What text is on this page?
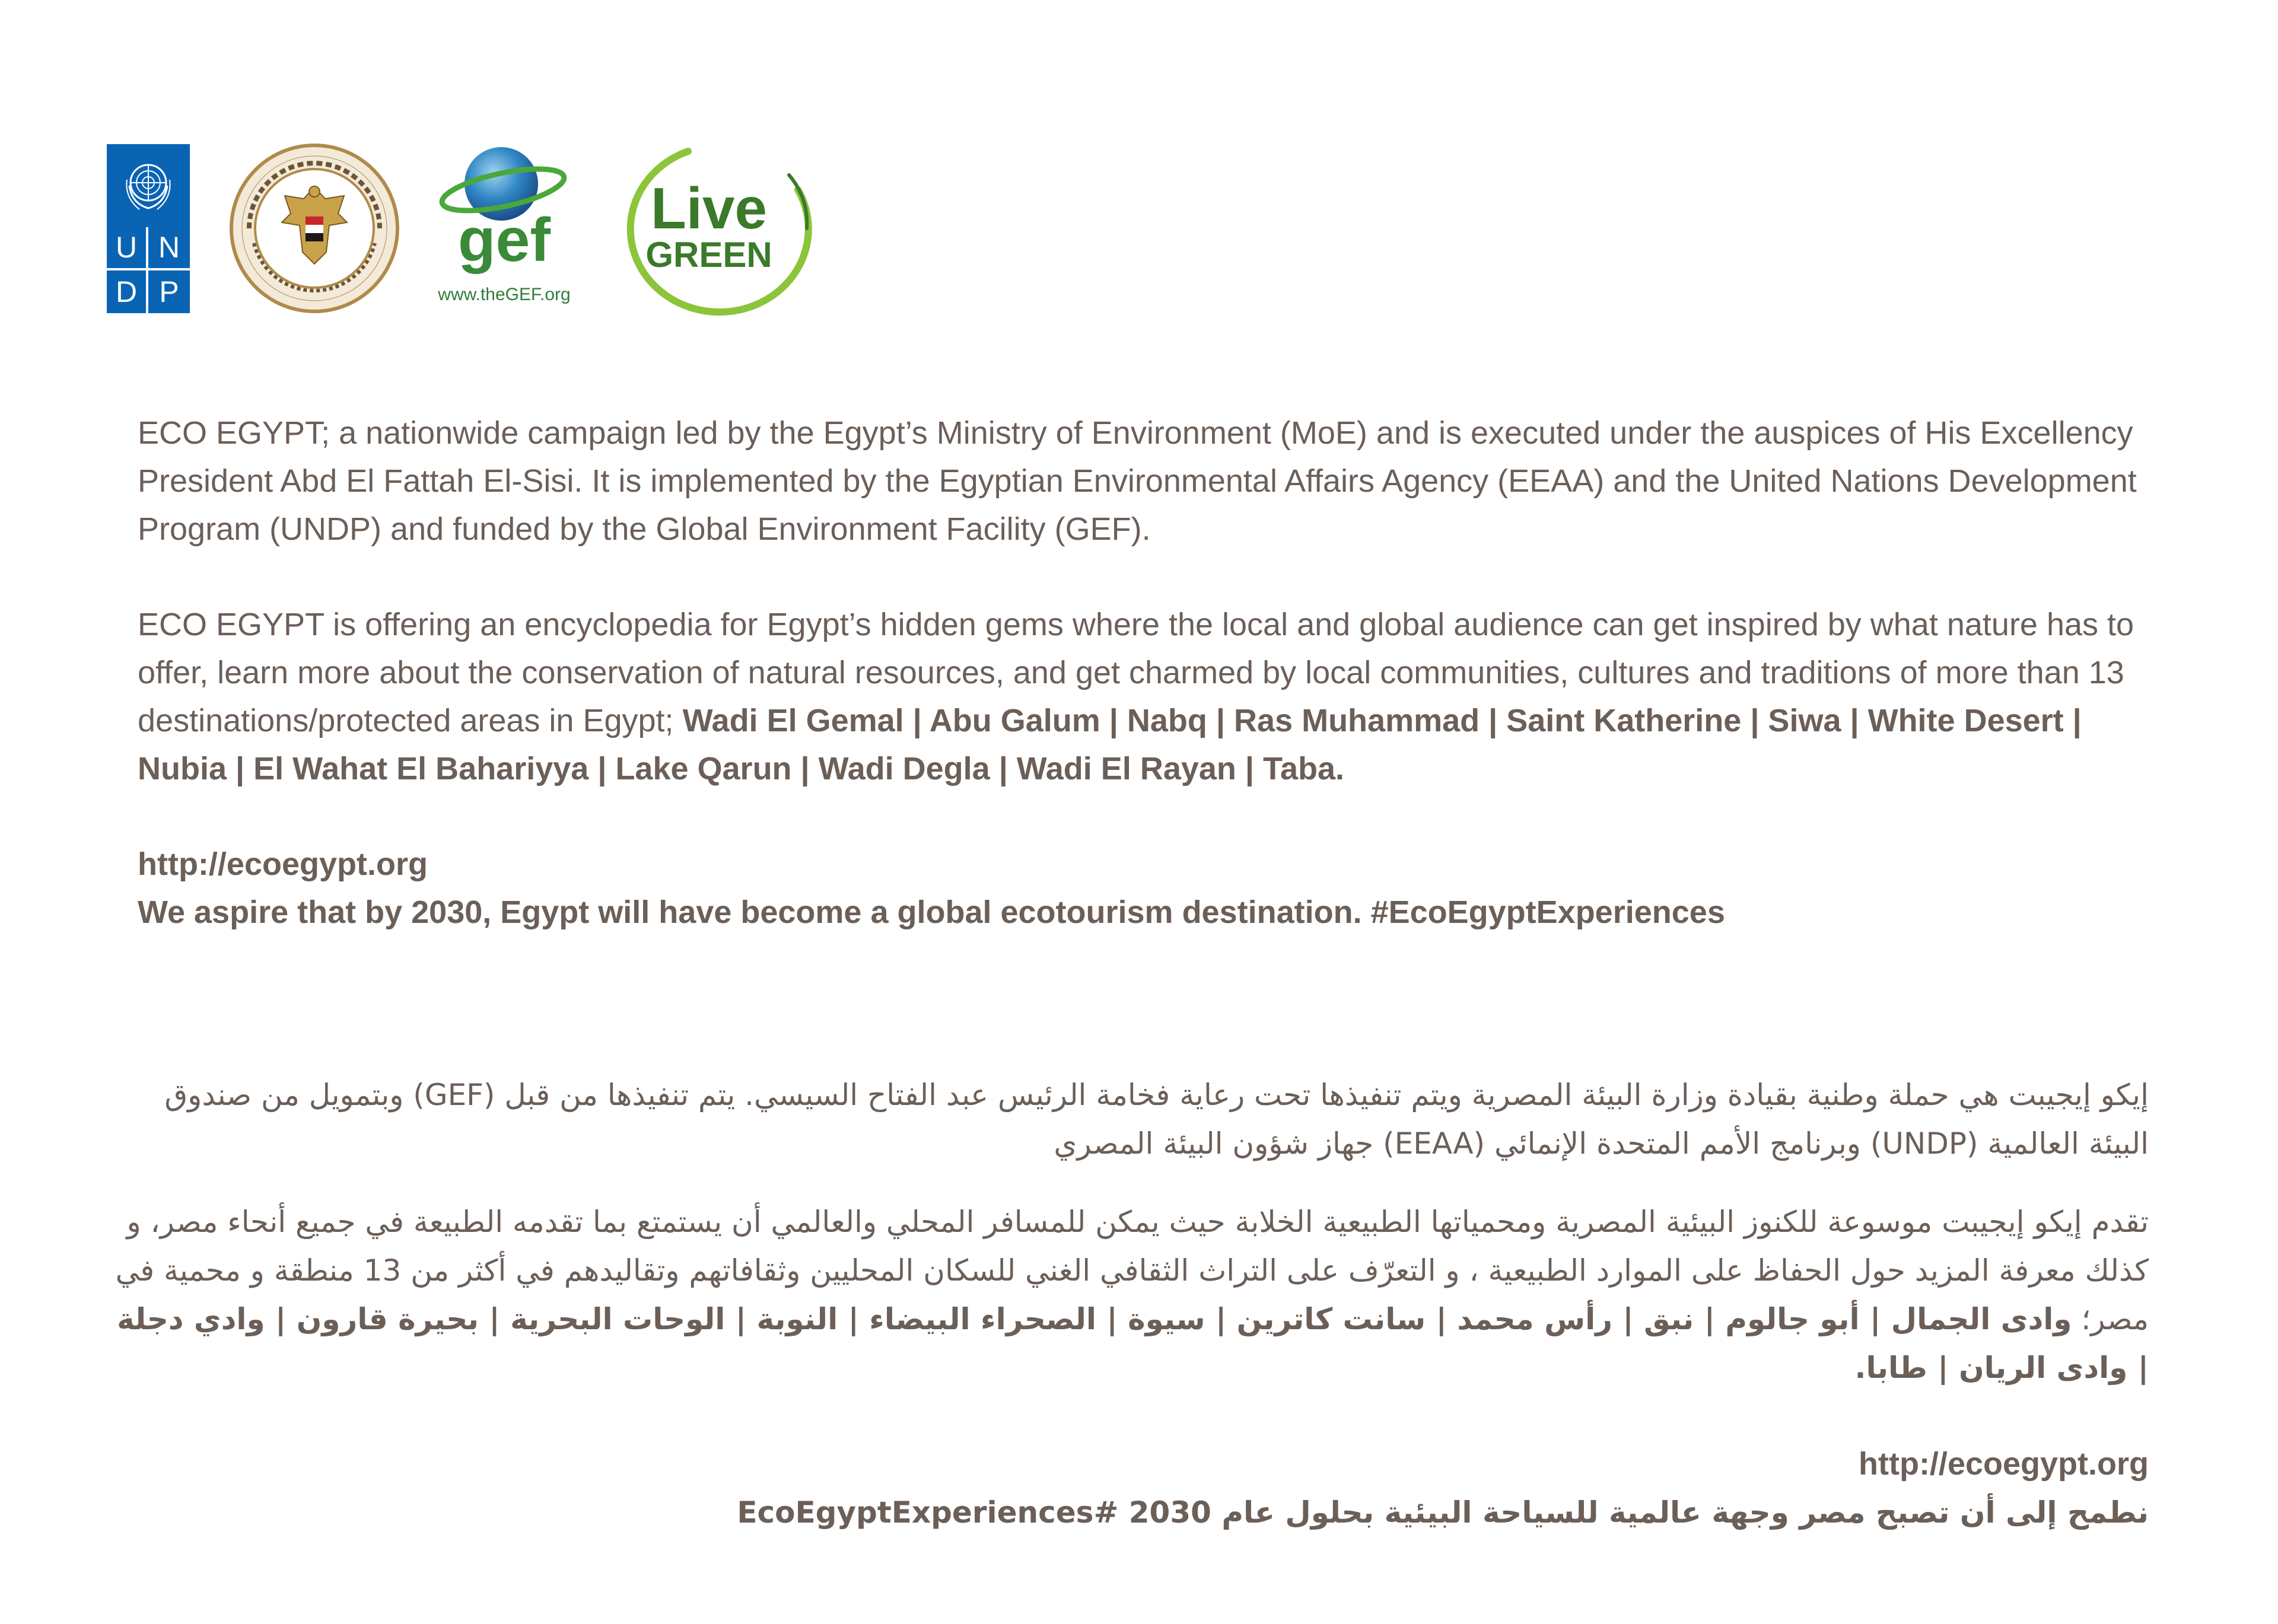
U N
D P
gef
www.theGEF.org
Live
GREEN

ECO EGYPT; a nationwide campaign led by the Egypt’s Ministry of Environment (MoE) and is executed under the auspices of His Excellency President Abd El Fattah El-Sisi. It is implemented by the Egyptian Environmental Affairs Agency (EEAA) and the United Nations Development Program (UNDP) and funded by the Global Environment Facility (GEF).

ECO EGYPT is offering an encyclopedia for Egypt’s hidden gems where the local and global audience can get inspired by what nature has to offer, learn more about the conservation of natural resources, and get charmed by local communities, cultures and traditions of more than 13 destinations/protected areas in Egypt; Wadi El Gemal | Abu Galum | Nabq | Ras Muhammad | Saint Katherine | Siwa | White Desert | Nubia | El Wahat El Bahariyya | Lake Qarun | Wadi Degla | Wadi El Rayan | Taba.

http://ecoegypt.org
We aspire that by 2030, Egypt will have become a global ecotourism destination. #EcoEgyptExperiences

إيكو إيجيبت هي حملة وطنية بقيادة وزارة البيئة المصرية ويتم تنفيذها تحت رعاية فخامة الرئيس عبد الفتاح السيسي. يتم تنفيذها من قبل (GEF) وبتمويل من صندوق البيئة العالمية (UNDP) وبرنامج الأمم المتحدة الإنمائي (EEAA) جهاز شؤون البيئة المصري

تقدم إيكو إيجيبت موسوعة للكنوز البيئية المصرية ومحمياتها الطبيعية الخلابة حيث يمكن للمسافر المحلي والعالمي أن يستمتع بما تقدمه الطبيعة في جميع أنحاء مصر، و كذلك معرفة المزيد حول الحفاظ على الموارد الطبيعية ، و التعرّف على التراث الثقافي الغني للسكان المحليين وثقافاتهم وتقاليدهم في أكثر من 13 منطقة و محمية في مصر؛ وادى الجمال | أبو جالوم | نبق | رأس محمد | سانت كاترين | سيوة | الصحراء البيضاء | النوبة | الوحات البحرية | بحيرة قارون | وادي دجلة | وادى الريان | طابا.

http://ecoegypt.org

نطمح إلى أن تصبح مصر وجهة عالمية للسياحة البيئية بحلول عام 2030 #EcoEgyptExperiences
